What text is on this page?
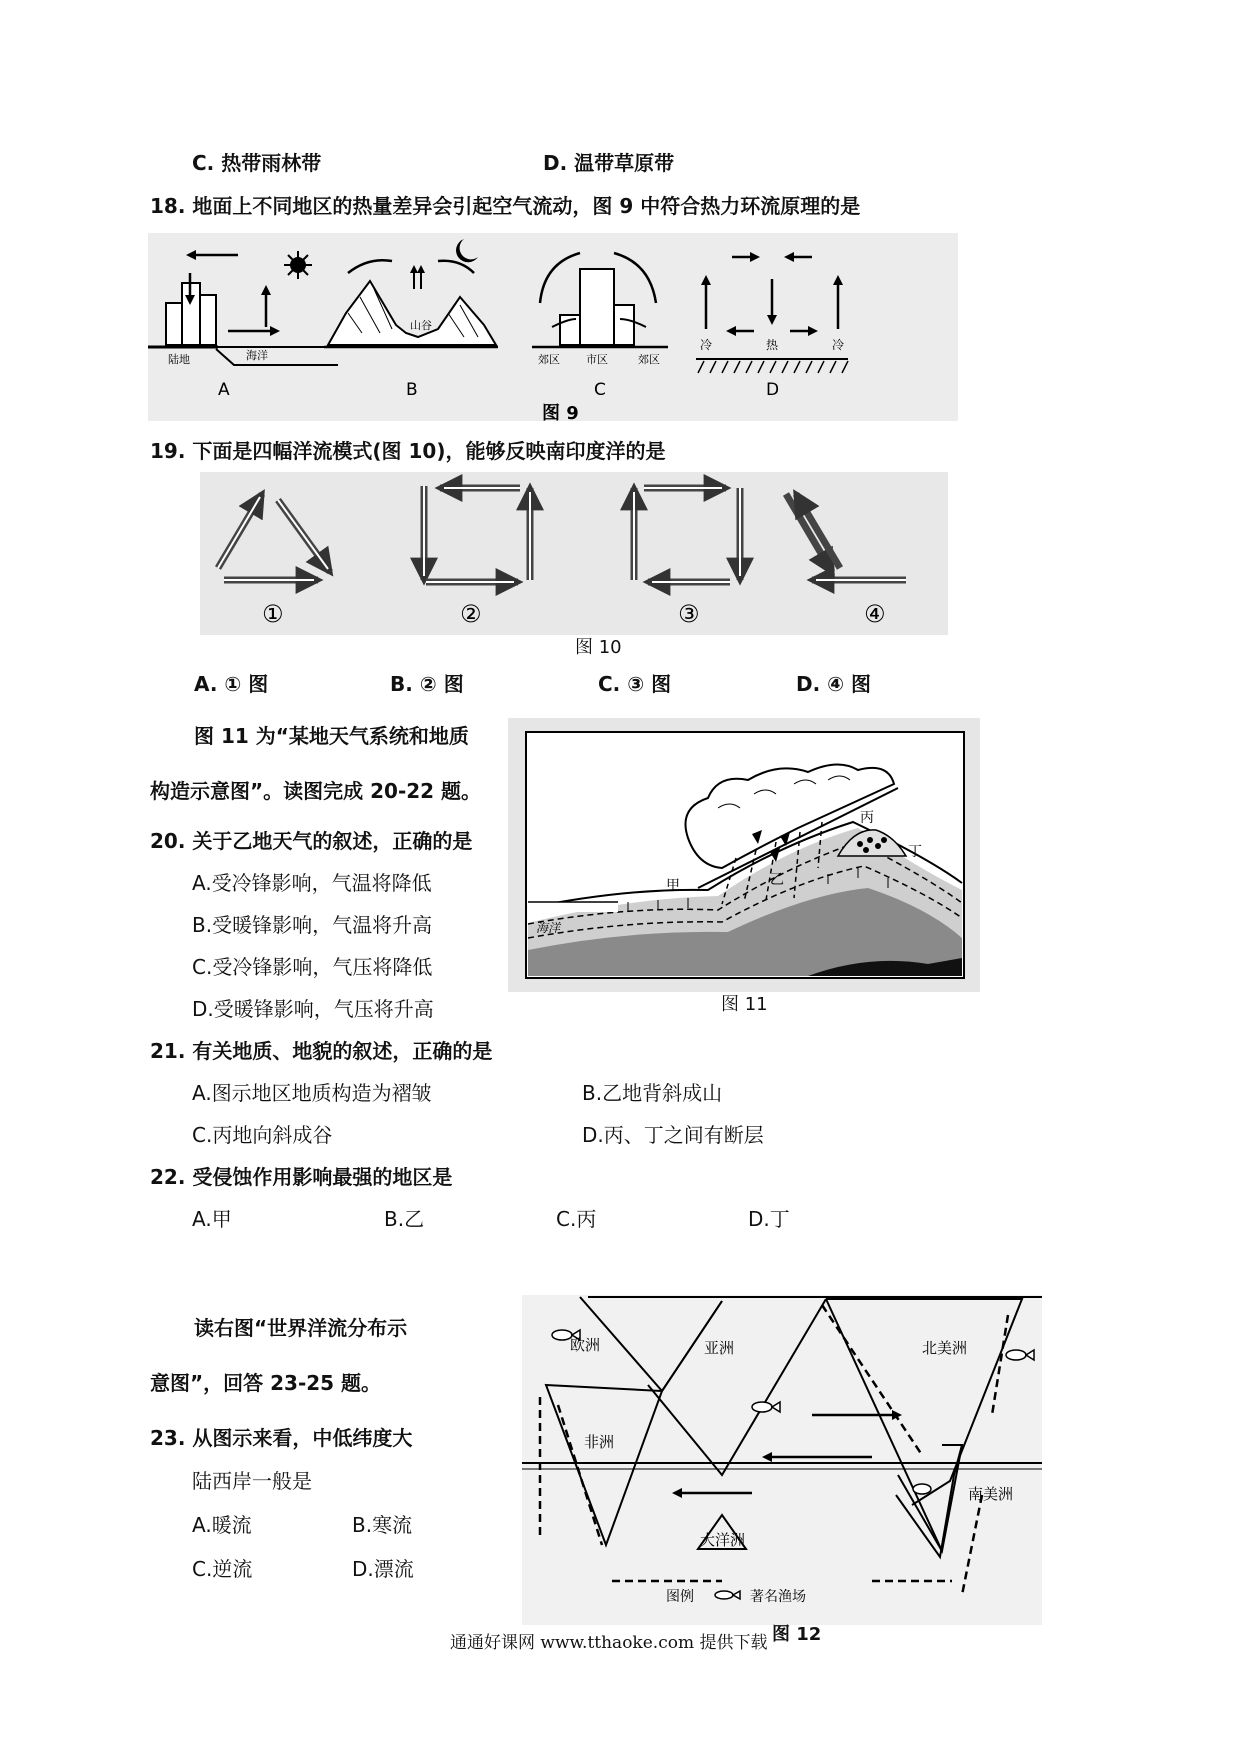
C. 热带雨林带	D. 温带草原带
18. 地面上不同地区的热量差异会引起空气流动，图 9 中符合热力环流原理的是
陆地	海洋
A
山谷
B
郊区 市区	郊区
C
冷	热	冷
D
图 9
19. 下面是四幅洋流模式(图 10)，能够反映南印度洋的是
①	②	③	④
图 10
A. ① 图	B. ② 图	C. ③ 图	D. ④ 图
图 11 为“某地天气系统和地质
构造示意图”。读图完成 20-22 题。
海洋
丙
丁
甲	乙
图 11
20. 关于乙地天气的叙述，正确的是
A.受冷锋影响，气温将降低
B.受暖锋影响，气温将升高
C.受冷锋影响，气压将降低
D.受暖锋影响，气压将升高
21. 有关地质、地貌的叙述，正确的是
A.图示地区地质构造为褶皱	B.乙地背斜成山
C.丙地向斜成谷	D.丙、丁之间有断层
22. 受侵蚀作用影响最强的地区是
A.甲	B.乙	C.丙	D.丁
读右图“世界洋流分布示
意图”，回答 23-25 题。
23. 从图示来看，中低纬度大
陆西岸一般是
A.暖流	B.寒流
C.逆流	D.漂流
欧洲	亚洲	北美洲
非洲
南美洲
大洋洲
图例	著名渔场
图 12
通通好课网 www.tthaoke.com 提供下载
